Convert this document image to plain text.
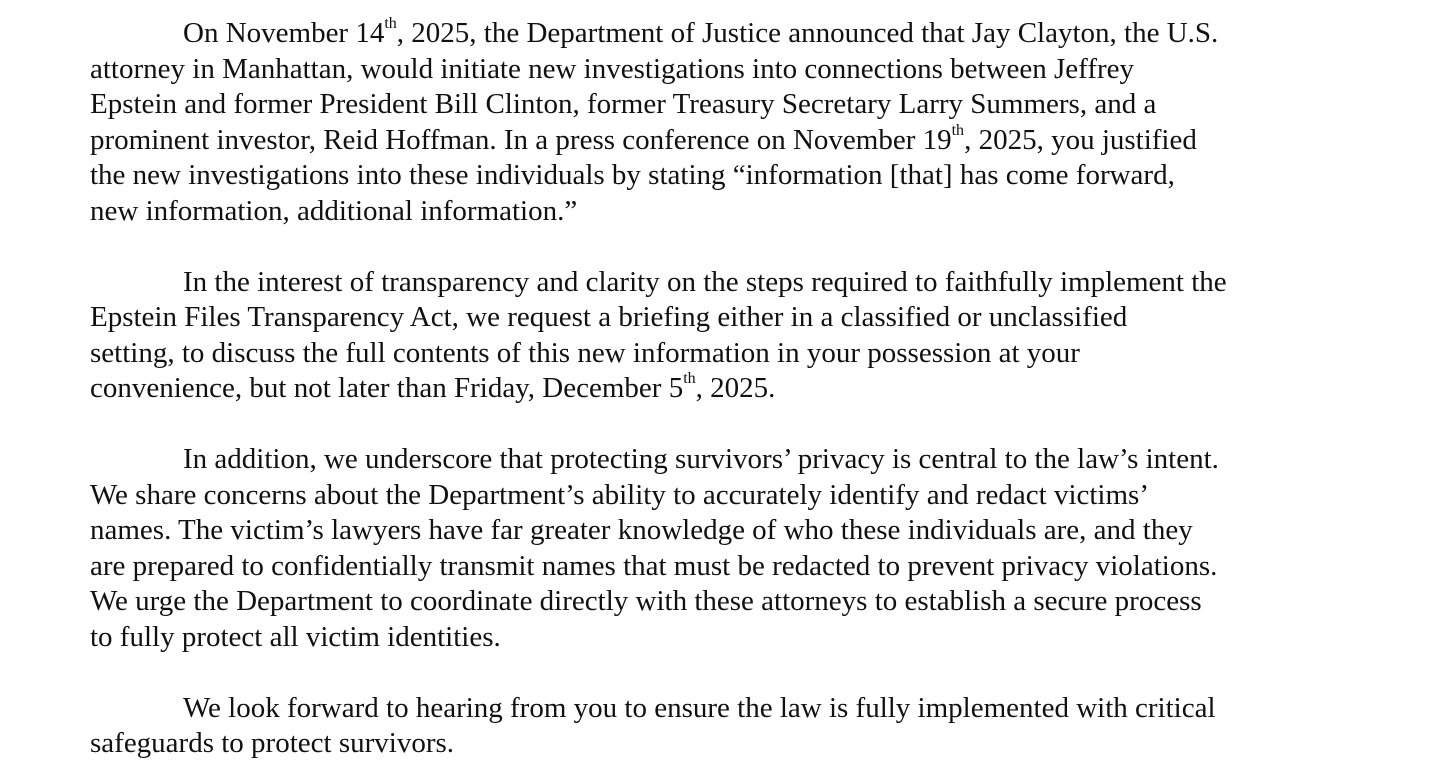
On November 14th, 2025, the Department of Justice announced that Jay Clayton, the U.S.
attorney in Manhattan, would initiate new investigations into connections between Jeffrey
Epstein and former President Bill Clinton, former Treasury Secretary Larry Summers, and a
prominent investor, Reid Hoffman. In a press conference on November 19th, 2025, you justified
the new investigations into these individuals by stating “information [that] has come forward,
new information, additional information.”
In the interest of transparency and clarity on the steps required to faithfully implement the
Epstein Files Transparency Act, we request a briefing either in a classified or unclassified
setting, to discuss the full contents of this new information in your possession at your
convenience, but not later than Friday, December 5th, 2025.
In addition, we underscore that protecting survivors’ privacy is central to the law’s intent.
We share concerns about the Department’s ability to accurately identify and redact victims’
names. The victim’s lawyers have far greater knowledge of who these individuals are, and they
are prepared to confidentially transmit names that must be redacted to prevent privacy violations.
We urge the Department to coordinate directly with these attorneys to establish a secure process
to fully protect all victim identities.
We look forward to hearing from you to ensure the law is fully implemented with critical
safeguards to protect survivors.
